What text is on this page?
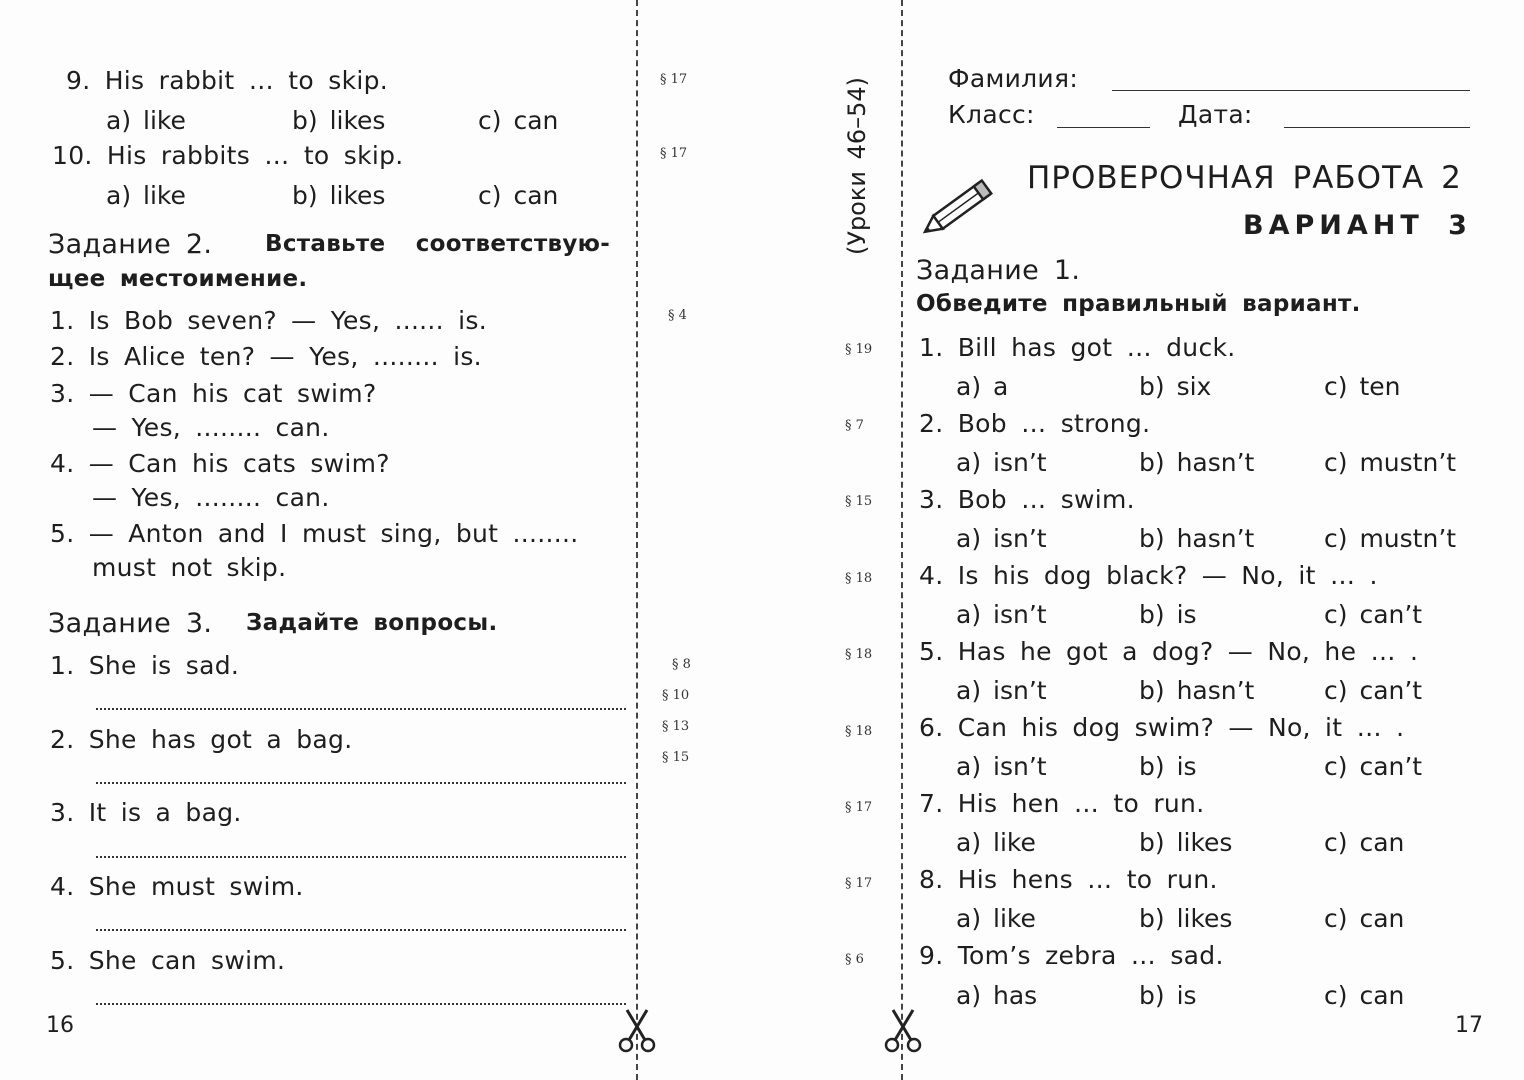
9. His rabbit … to skip.
a) like	b) likes	c) can
§ 17
10. His rabbits … to skip.
a) like	b) likes	c) can
§ 17
Задание 2. Вставьте соответствую-
щее местоимение.
§ 4
1. Is Bob seven? — Yes, ...... is.
2. Is Alice ten? — Yes, ........ is.
3. — Can his cat swim?
— Yes, ........ can.
4. — Can his cats swim?
— Yes, ........ can.
5. — Anton and I must sing, but ........
must not skip.
Задание 3. Задайте вопросы.
§ 8
§ 10
§ 13
§ 15
1. She is sad.
2. She has got a bag.
3. It is a bag.
4. She must swim.
5. She can swim.
16
(Уроки 46–54)	Фамилия:
Класс:	Дата:
ПРОВЕРОЧНАЯ РАБОТА 2
ВАРИАНТ 3
Задание 1.
Обведите правильный вариант.
§ 19 1. Bill has got … duck.
a) a	b) six	c) ten
§ 7 2. Bob … strong.
a) isn’t	b) hasn’t	c) mustn’t
§ 15 3. Bob … swim.
a) isn’t	b) hasn’t	c) mustn’t
§ 18 4. Is his dog black? — No, it … .
a) isn’t	b) is	c) can’t
§ 18 5. Has he got a dog? — No, he … .
a) isn’t	b) hasn’t	c) can’t
§ 18 6. Can his dog swim? — No, it … .
a) isn’t	b) is	c) can’t
§ 17 7. His hen … to run.
a) like	b) likes	c) can
§ 17 8. His hens … to run.
a) like	b) likes	c) can
§ 6 9. Tom’s zebra … sad.
a) has	b) is	c) can
17
